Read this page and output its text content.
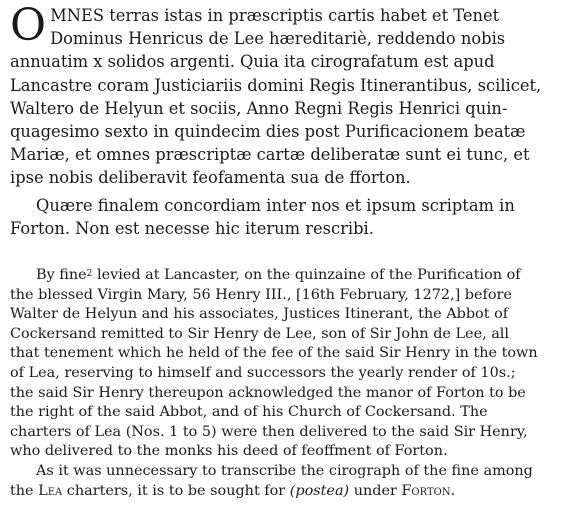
O MNES terras istas in præscriptis cartis habet et Tenet
Dominus Henricus de Lee hæreditariè, reddendo nobis
annuatim x solidos argenti. Quia ita cirografatum est apud
Lancastre coram Justiciariis domini Regis Itinerantibus, scilicet,
Waltero de Helyun et sociis, Anno Regni Regis Henrici quin-
quagesimo sexto in quindecim dies post Purificacionem beatæ
Mariæ, et omnes præscriptæ cartæ deliberatæ sunt ei tunc, et
ipse nobis deliberavit feofamenta sua de fforton.

Quære finalem concordiam inter nos et ipsum scriptam in
Forton. Non est necesse hic iterum rescribi.

By fine$^2$ levied at Lancaster, on the quinzaine of the Purification of
the blessed Virgin Mary, 56 Henry III., [16th February, 1272,] before
Walter de Helyun and his associates, Justices Itinerant, the Abbot of
Cockersand remitted to Sir Henry de Lee, son of Sir John de Lee, all
that tenement which he held of the fee of the said Sir Henry in the town
of Lea, reserving to himself and successors the yearly render of 10s.;
the said Sir Henry thereupon acknowledged the manor of Forton to be
the right of the said Abbot, and of his Church of Cockersand. The
charters of Lea (Nos. 1 to 5) were then delivered to the said Sir Henry,
who delivered to the monks his deed of feoffment of Forton.
As it was unnecessary to transcribe the cirograph of the fine among
the Lea charters, it is to be sought for (postea) under Forton.
